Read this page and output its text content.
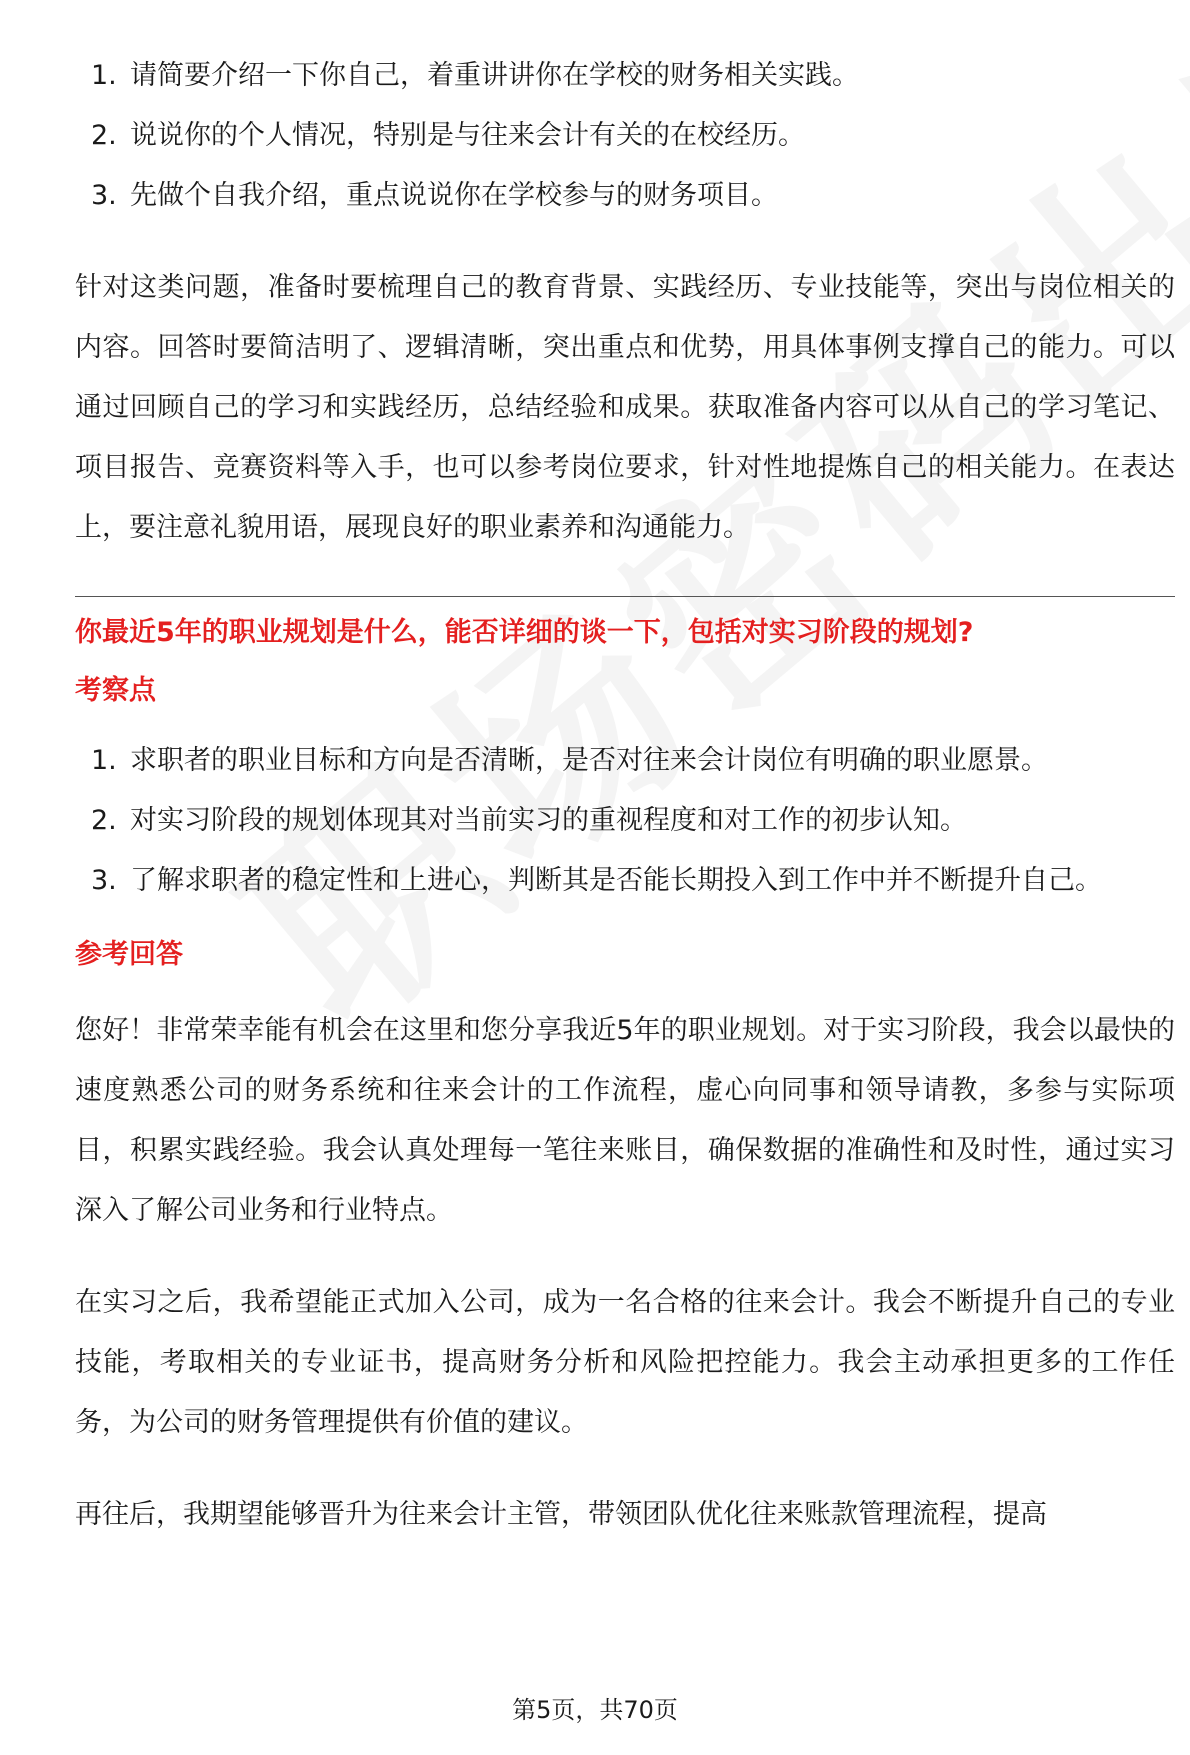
1. 请简要介绍一下你自己，着重讲讲你在学校的财务相关实践。
2. 说说你的个人情况，特别是与往来会计有关的在校经历。
3. 先做个自我介绍，重点说说你在学校参与的财务项目。

针对这类问题，准备时要梳理自己的教育背景、实践经历、专业技能等，突出与岗位相关的内容。回答时要简洁明了、逻辑清晰，突出重点和优势，用具体事例支撑自己的能力。可以通过回顾自己的学习和实践经历，总结经验和成果。获取准备内容可以从自己的学习笔记、项目报告、竞赛资料等入手，也可以参考岗位要求，针对性地提炼自己的相关能力。在表达上，要注意礼貌用语，展现良好的职业素养和沟通能力。

你最近5年的职业规划是什么，能否详细的谈一下，包括对实习阶段的规划?

考察点

1. 求职者的职业目标和方向是否清晰，是否对往来会计岗位有明确的职业愿景。
2. 对实习阶段的规划体现其对当前实习的重视程度和对工作的初步认知。
3. 了解求职者的稳定性和上进心，判断其是否能长期投入到工作中并不断提升自己。

参考回答

您好！非常荣幸能有机会在这里和您分享我近5年的职业规划。对于实习阶段，我会以最快的速度熟悉公司的财务系统和往来会计的工作流程，虚心向同事和领导请教，多参与实际项目，积累实践经验。我会认真处理每一笔往来账目，确保数据的准确性和及时性，通过实习深入了解公司业务和行业特点。

在实习之后，我希望能正式加入公司，成为一名合格的往来会计。我会不断提升自己的专业技能，考取相关的专业证书，提高财务分析和风险把控能力。我会主动承担更多的工作任务，为公司的财务管理提供有价值的建议。

再往后，我期望能够晋升为往来会计主管，带领团队优化往来账款管理流程，提高

第5页，共70页
